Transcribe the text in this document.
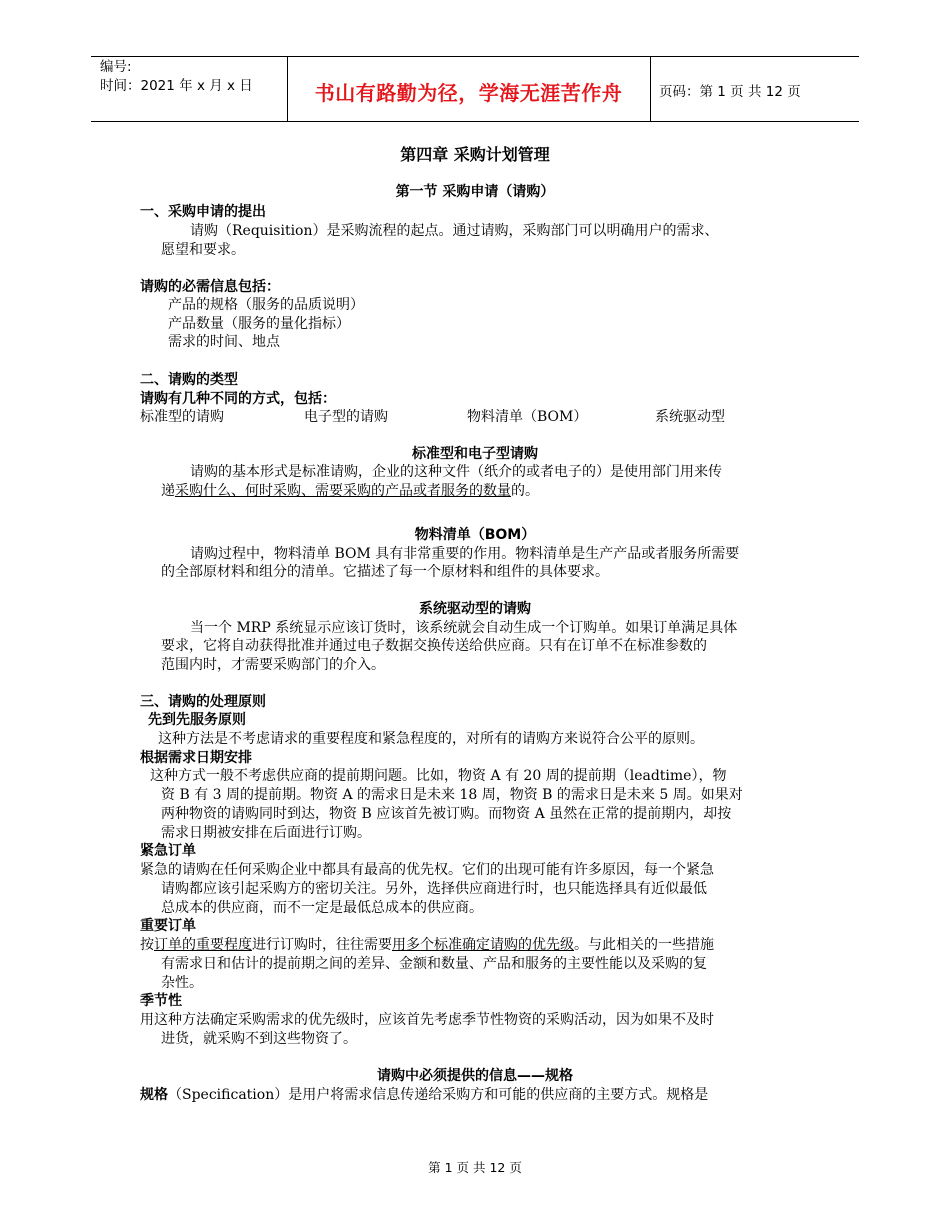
编号:
时间：2021 年 x 月 x 日	书山有路勤为径，学海无涯苦作舟	页码：第 1 页 共 12 页
第四章 采购计划管理
第一节 采购申请（请购）
一、采购申请的提出
请购（Requisition）是采购流程的起点。通过请购，采购部门可以明确用户的需求、
愿望和要求。
请购的必需信息包括：
产品的规格（服务的品质说明）
产品数量（服务的量化指标）
需求的时间、地点
二、请购的类型
请购有几种不同的方式，包括：
标准型的请购	电子型的请购	物料清单（BOM）	系统驱动型
标准型和电子型请购
请购的基本形式是标准请购，企业的这种文件（纸介的或者电子的）是使用部门用来传
递采购什么、何时采购、需要采购的产品或者服务的数量的。
物料清单（BOM）
请购过程中，物料清单 BOM 具有非常重要的作用。物料清单是生产产品或者服务所需要
的全部原材料和组分的清单。它描述了每一个原材料和组件的具体要求。
系统驱动型的请购
当一个 MRP 系统显示应该订货时，该系统就会自动生成一个订购单。如果订单满足具体
要求，它将自动获得批准并通过电子数据交换传送给供应商。只有在订单不在标准参数的
范围内时，才需要采购部门的介入。
三、请购的处理原则
先到先服务原则
这种方法是不考虑请求的重要程度和紧急程度的，对所有的请购方来说符合公平的原则。
根据需求日期安排
这种方式一般不考虑供应商的提前期问题。比如，物资 A 有 20 周的提前期（leadtime），物
资 B 有 3 周的提前期。物资 A 的需求日是未来 18 周，物资 B 的需求日是未来 5 周。如果对
两种物资的请购同时到达，物资 B 应该首先被订购。而物资 A 虽然在正常的提前期内，却按
需求日期被安排在后面进行订购。
紧急订单
紧急的请购在任何采购企业中都具有最高的优先权。它们的出现可能有许多原因，每一个紧急
请购都应该引起采购方的密切关注。另外，选择供应商进行时，也只能选择具有近似最低
总成本的供应商，而不一定是最低总成本的供应商。
重要订单
按订单的重要程度进行订购时，往往需要用多个标准确定请购的优先级。与此相关的一些措施
有需求日和估计的提前期之间的差异、金额和数量、产品和服务的主要性能以及采购的复
杂性。
季节性
用这种方法确定采购需求的优先级时，应该首先考虑季节性物资的采购活动，因为如果不及时
进货，就采购不到这些物资了。
请购中必须提供的信息——规格
规格（Specification）是用户将需求信息传递给采购方和可能的供应商的主要方式。规格是
第 1 页 共 12 页
